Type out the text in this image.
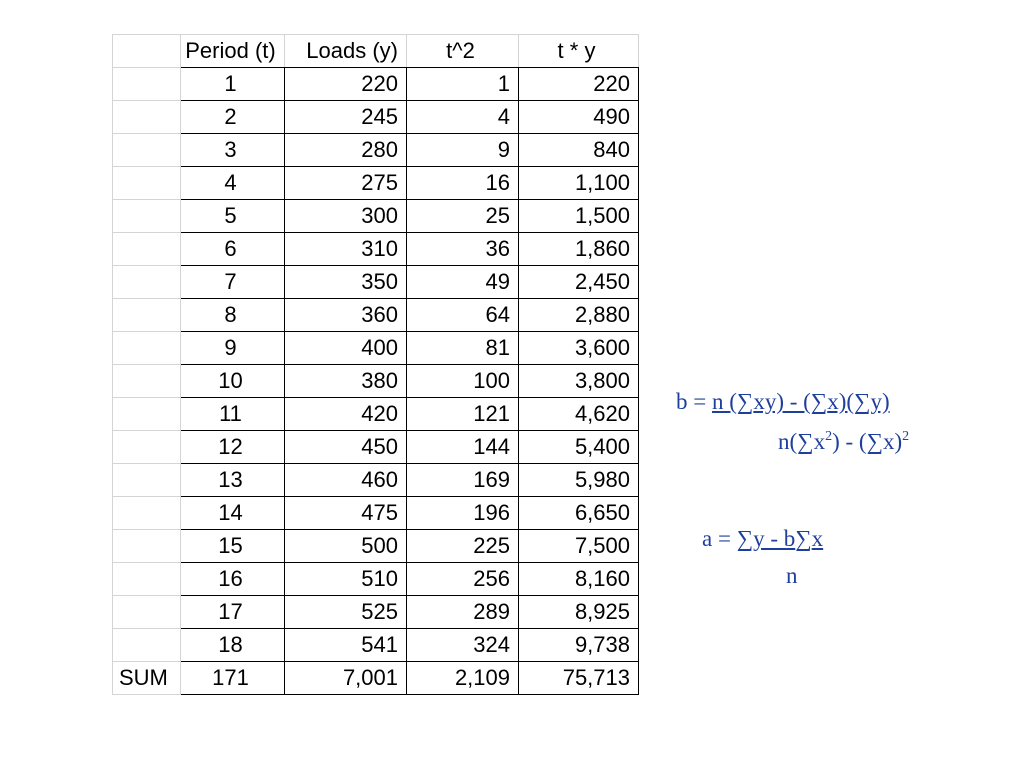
	Period (t)	Loads (y)	t^2	t * y
	1	220	1	220
	2	245	4	490
	3	280	9	840
	4	275	16	1,100
	5	300	25	1,500
	6	310	36	1,860
	7	350	49	2,450
	8	360	64	2,880
	9	400	81	3,600
	10	380	100	3,800
	11	420	121	4,620
	12	450	144	5,400
	13	460	169	5,980
	14	475	196	6,650
	15	500	225	7,500
	16	510	256	8,160
	17	525	289	8,925
	18	541	324	9,738
SUM	171	7,001	2,109	75,713
b = n (∑xy) - (∑x)(∑y)
$n(\sum x^2) - (\sum x)^2$
a = ∑y - b∑x
n
